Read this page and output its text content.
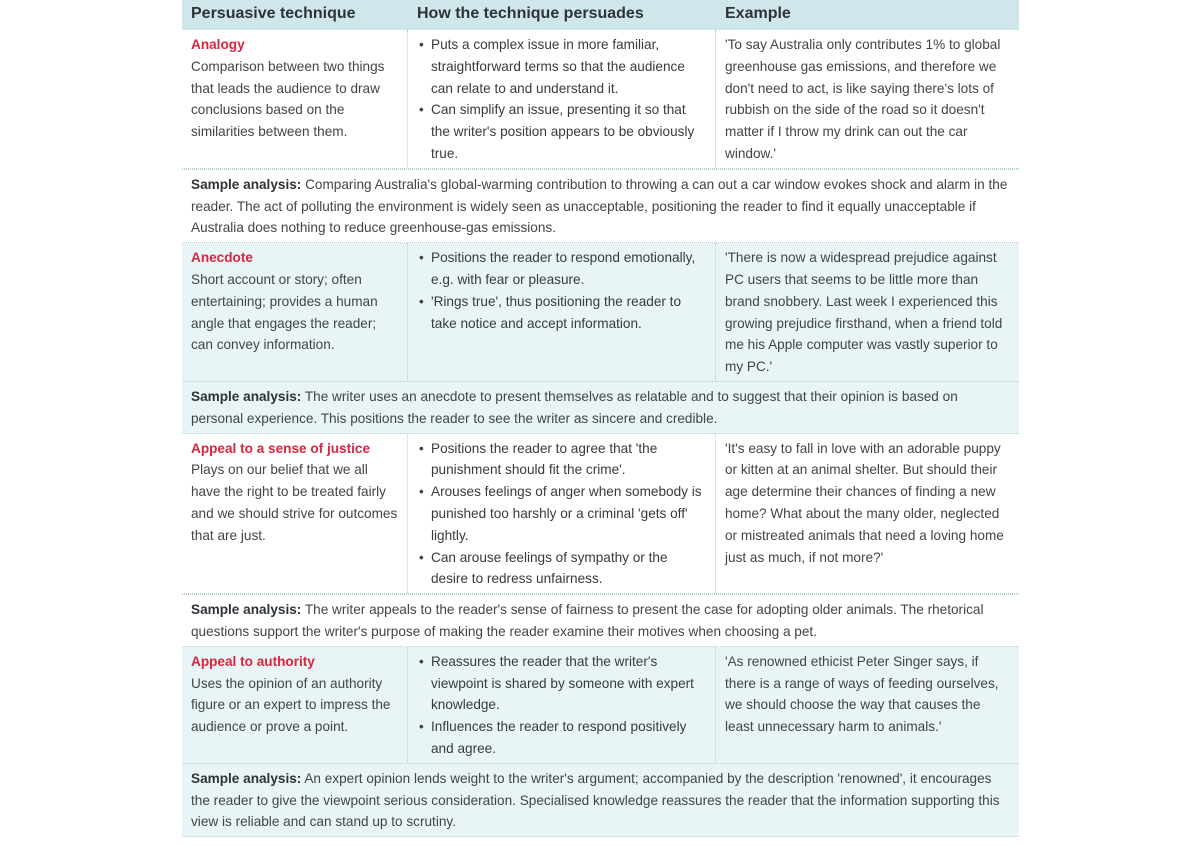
Persuasive technique	How the technique persuades	Example
Analogy
Comparison between two things that leads the audience to draw conclusions based on the similarities between them.
• Puts a complex issue in more familiar, straightforward terms so that the audience can relate to and understand it.
• Can simplify an issue, presenting it so that the writer's position appears to be obviously true.
'To say Australia only contributes 1% to global greenhouse gas emissions, and therefore we don't need to act, is like saying there's lots of rubbish on the side of the road so it doesn't matter if I throw my drink can out the car window.'
Sample analysis: Comparing Australia's global-warming contribution to throwing a can out a car window evokes shock and alarm in the reader. The act of polluting the environment is widely seen as unacceptable, positioning the reader to find it equally unacceptable if Australia does nothing to reduce greenhouse-gas emissions.
Anecdote
Short account or story; often entertaining; provides a human angle that engages the reader; can convey information.
• Positions the reader to respond emotionally, e.g. with fear or pleasure.
• 'Rings true', thus positioning the reader to take notice and accept information.
'There is now a widespread prejudice against PC users that seems to be little more than brand snobbery. Last week I experienced this growing prejudice firsthand, when a friend told me his Apple computer was vastly superior to my PC.'
Sample analysis: The writer uses an anecdote to present themselves as relatable and to suggest that their opinion is based on personal experience. This positions the reader to see the writer as sincere and credible.
Appeal to a sense of justice
Plays on our belief that we all have the right to be treated fairly and we should strive for outcomes that are just.
• Positions the reader to agree that 'the punishment should fit the crime'.
• Arouses feelings of anger when somebody is punished too harshly or a criminal 'gets off' lightly.
• Can arouse feelings of sympathy or the desire to redress unfairness.
'It's easy to fall in love with an adorable puppy or kitten at an animal shelter. But should their age determine their chances of finding a new home? What about the many older, neglected or mistreated animals that need a loving home just as much, if not more?'
Sample analysis: The writer appeals to the reader's sense of fairness to present the case for adopting older animals. The rhetorical questions support the writer's purpose of making the reader examine their motives when choosing a pet.
Appeal to authority
Uses the opinion of an authority figure or an expert to impress the audience or prove a point.
• Reassures the reader that the writer's viewpoint is shared by someone with expert knowledge.
• Influences the reader to respond positively and agree.
'As renowned ethicist Peter Singer says, if there is a range of ways of feeding ourselves, we should choose the way that causes the least unnecessary harm to animals.'
Sample analysis: An expert opinion lends weight to the writer's argument; accompanied by the description 'renowned', it encourages the reader to give the viewpoint serious consideration. Specialised knowledge reassures the reader that the information supporting this view is reliable and can stand up to scrutiny.
